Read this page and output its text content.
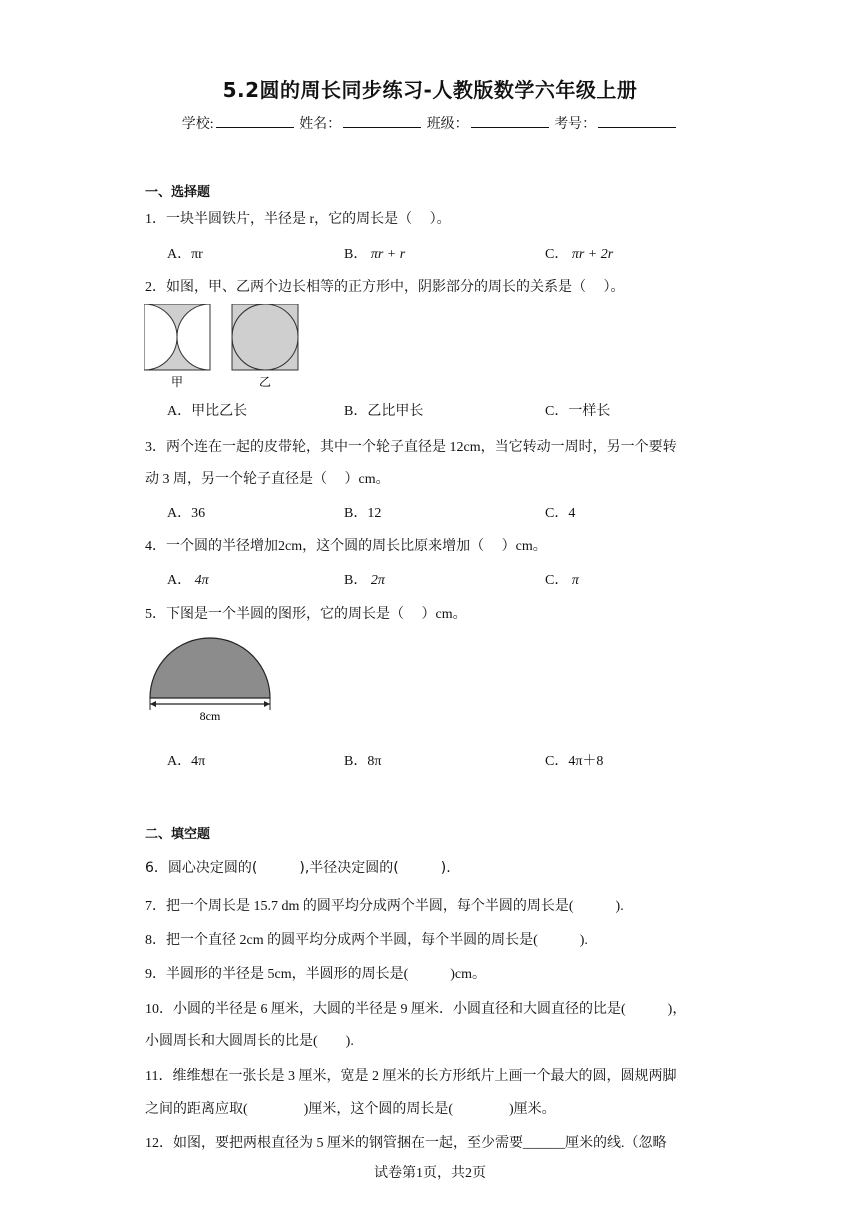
5.2圆的周长同步练习-人教版数学六年级上册
学校:	姓名：	班级：	考号：
一、选择题
1．一块半圆铁片，半径是 r，它的周长是（　 ）。
A．πr	B． πr + r	C． πr + 2r
2．如图，甲、乙两个边长相等的正方形中，阴影部分的周长的关系是（　 ）。
甲	乙
A．甲比乙长	B．乙比甲长	C．一样长
3．两个连在一起的皮带轮，其中一个轮子直径是 12cm，当它转动一周时，另一个要转
动 3 周，另一个轮子直径是（　 ）cm。
A．36	B．12	C．4
4．一个圆的半径增加2cm，这个圆的周长比原来增加（　 ）cm。
A． 4π	B． 2π	C． π
5．下图是一个半圆的图形，它的周长是（　 ）cm。
8cm
A．4π	B．8π	C．4π＋8
二、填空题
6．圆心决定圆的(　　　),半径决定圆的(　　　).
7．把一个周长是 15.7 dm 的圆平均分成两个半圆，每个半圆的周长是(　　　).
8．把一个直径 2cm 的圆平均分成两个半圆，每个半圆的周长是(　　　).
9．半圆形的半径是 5cm，半圆形的周长是(　　　)cm。
10．小圆的半径是 6 厘米，大圆的半径是 9 厘米．小圆直径和大圆直径的比是(　　　)，
小圆周长和大圆周长的比是(　　).
11．维维想在一张长是 3 厘米，宽是 2 厘米的长方形纸片上画一个最大的圆，圆规两脚
之间的距离应取(　　　　)厘米，这个圆的周长是(　　　　)厘米。
12．如图，要把两根直径为 5 厘米的钢管捆在一起，至少需要______厘米的线.（忽略
试卷第1页，共2页
